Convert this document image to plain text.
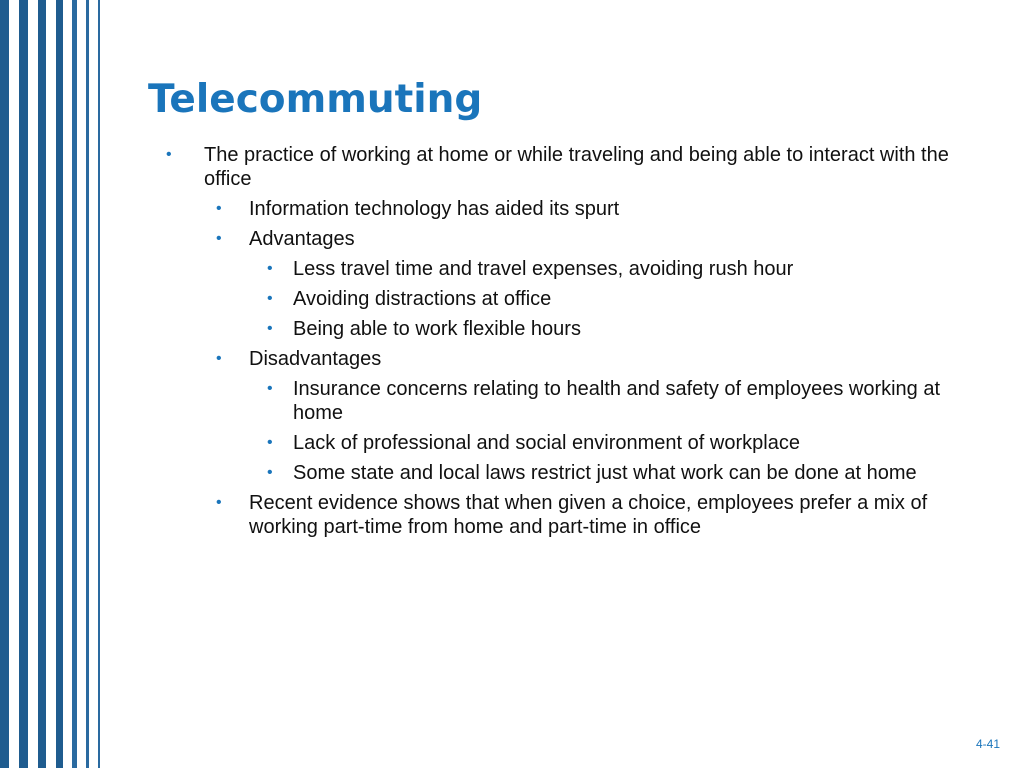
Telecommuting
• The practice of working at home or while traveling and being able to interact with the office
• Information technology has aided its spurt
• Advantages
• Less travel time and travel expenses, avoiding rush hour
• Avoiding distractions at office
• Being able to work flexible hours
• Disadvantages
• Insurance concerns relating to health and safety of employees working at home
• Lack of professional and social environment of workplace
• Some state and local laws restrict just what work can be done at home
• Recent evidence shows that when given a choice, employees prefer a mix of working part-time from home and part-time in office
4-41
